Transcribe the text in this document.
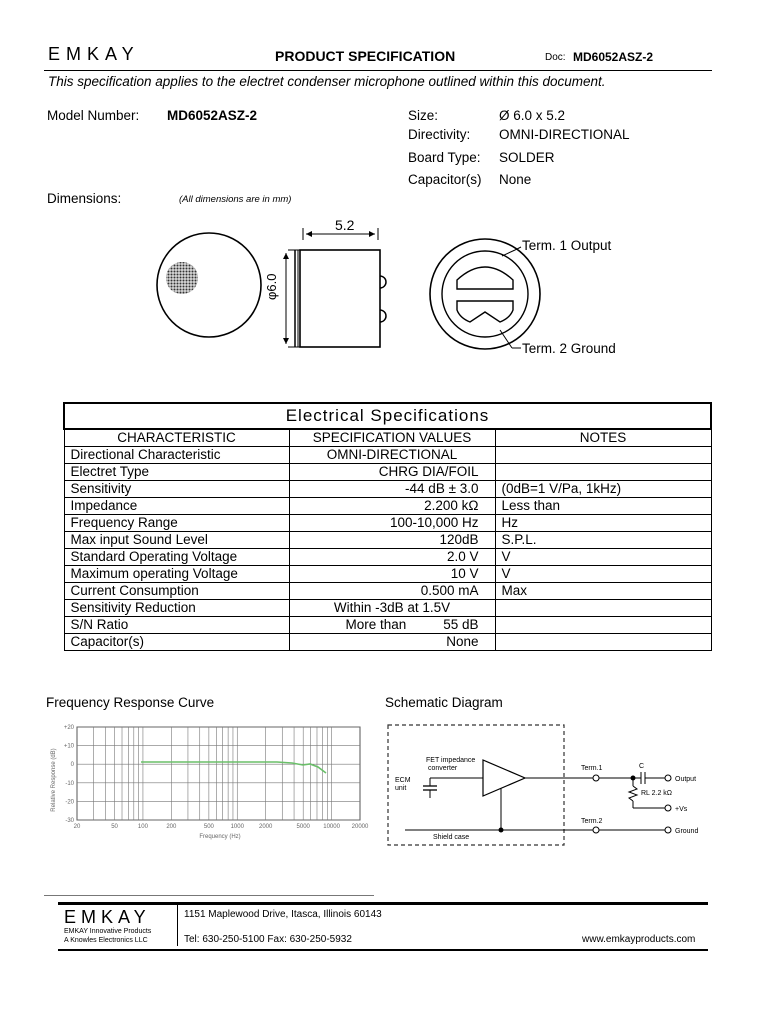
EMKAY	PRODUCT SPECIFICATION	Doc: MD6052ASZ-2
This specification applies to the electret condenser microphone outlined within this document.
Model Number: MD6052ASZ-2	Size:	Ø 6.0 x 5.2
Directivity: OMNI-DIRECTIONAL
Board Type: SOLDER
Capacitor(s) None
Dimensions:	(All dimensions are in mm)
Term. 1 Output
Term. 2 Ground
5.2
φ6.0
Electrical Specifications		
CHARACTERISTIC	SPECIFICATION VALUES	NOTES
Directional Characteristic	OMNI-DIRECTIONAL	
Electret Type	CHRG DIA/FOIL	
Sensitivity	-44 dB ± 3.0	(0dB=1 V/Pa, 1kHz)
Impedance	2.200 kΩ	Less than
Frequency Range	100-10,000 Hz	Hz
Max input Sound Level	120dB	S.P.L.
Standard Operating Voltage	2.0 V	V
Maximum operating Voltage	10 V	V
Current Consumption	0.500 mA	Max
Sensitivity Reduction	Within -3dB at 1.5V	
S/N Ratio	More than 55 dB	
Capacitor(s)	None	
Frequency Response Curve
+20
+10
0
-10
-20
-30
20	50	100	200	500	1000	2000	5000 10000 20000
Relative Response (dB)
Frequency (Hz)
Schematic Diagram
FET impedance
converter
ECM
unit
Term.1
Term.2
Shield case
C
RL 2.2 kΩ
Output
+Vs
Ground
EMKAY
EMKAY Innovative Products
A Knowles Electronics LLC
1151 Maplewood Drive, Itasca, Illinois 60143
Tel: 630-250-5100 Fax: 630-250-5932	www.emkayproducts.com
